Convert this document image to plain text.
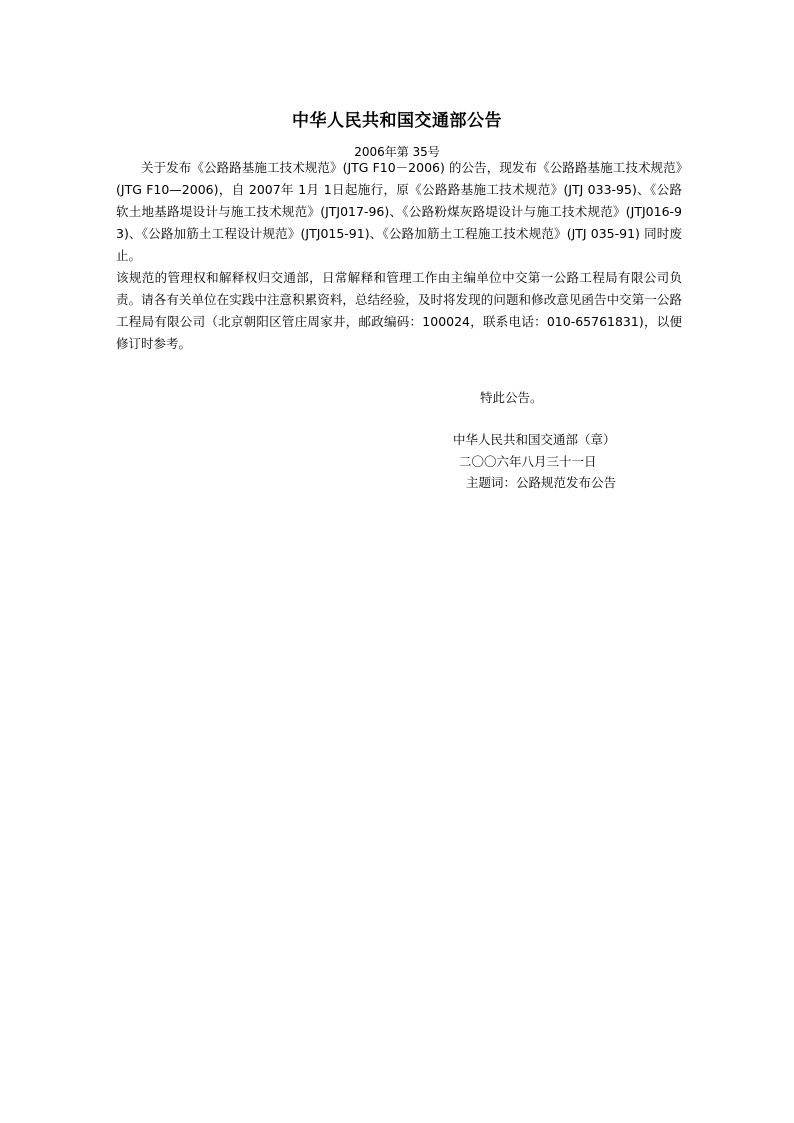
中华人民共和国交通部公告

2006年第 35号

关于发布《公路路基施工技术规范》(JTG F10－2006) 的公告，现发布《公路路基施工技术规范》(JTG F10—2006)，自 2007年 1月 1日起施行，原《公路路基施工技术规范》(JTJ 033-95)、《公路软土地基路堤设计与施工技术规范》(JTJ017-96)、《公路粉煤灰路堤设计与施工技术规范》(JTJ016-93)、《公路加筋土工程设计规范》(JTJ015-91)、《公路加筋土工程施工技术规范》(JTJ 035-91) 同时废止。

该规范的管理权和解释权归交通部，日常解释和管理工作由主编单位中交第一公路工程局有限公司负责。请各有关单位在实践中注意积累资料，总结经验，及时将发现的问题和修改意见函告中交第一公路工程局有限公司（北京朝阳区管庄周家井，邮政编码：100024，联系电话：010-65761831)，以便修订时参考。

特此公告。

中华人民共和国交通部（章）

二〇〇六年八月三十一日

主题词：公路规范发布公告
